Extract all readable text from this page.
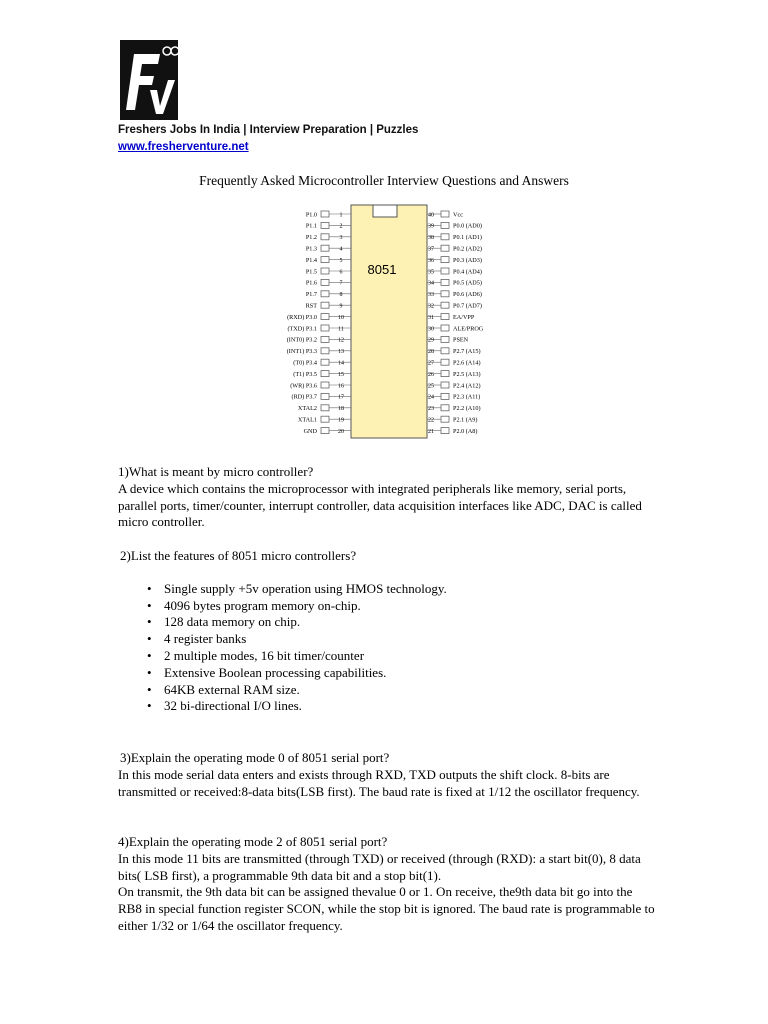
FV
Freshers Jobs In India | Interview Preparation | Puzzles
www.fresherventure.net
Frequently Asked Microcontroller Interview Questions and Answers
8051
P1.0	1
P1.1	2
P1.2	3
P1.3	4
P1.4	5
P1.5	6
P1.6	7
P1.7	8
RST	9
(RXD) P3.0	10
(TXD) P3.1	11
(INT0) P3.2	12
(INT1) P3.3	13
(T0) P3.4	14
(T1) P3.5	15
(WR) P3.6	16
(RD) P3.7	17
XTAL2	18
XTAL1	19
GND	20
40	Vcc
39	P0.0 (AD0)
38	P0.1 (AD1)
37	P0.2 (AD2)
36	P0.3 (AD3)
35	P0.4 (AD4)
34	P0.5 (AD5)
33	P0.6 (AD6)
32	P0.7 (AD7)
31	EA/VPP
30	ALE/PROG
29	PSEN
28	P2.7 (A15)
27	P2.6 (A14)
26	P2.5 (A13)
25	P2.4 (A12)
24	P2.3 (A11)
23	P2.2 (A10)
22	P2.1 (A9)
21	P2.0 (A8)

1)What is meant by micro controller?

A device which contains the microprocessor with integrated peripherals like memory, serial ports, parallel ports, timer/counter, interrupt controller, data acquisition interfaces like ADC, DAC is called micro controller.

2)List the features of 8051 micro controllers?

• Single supply +5v operation using HMOS technology.
• 4096 bytes program memory on-chip.
• 128 data memory on chip.
• 4 register banks
• 2 multiple modes, 16 bit timer/counter
• Extensive Boolean processing capabilities.
• 64KB external RAM size.
• 32 bi-directional I/O lines.

3)Explain the operating mode 0 of 8051 serial port?

In this mode serial data enters and exists through RXD, TXD outputs the shift clock. 8-bits are transmitted or received:8-data bits(LSB first). The baud rate is fixed at 1/12 the oscillator frequency.

4)Explain the operating mode 2 of 8051 serial port?

In this mode 11 bits are transmitted (through TXD) or received (through (RXD): a start bit(0), 8 data bits( LSB first), a programmable 9th data bit and a stop bit(1).

On transmit, the 9th data bit can be assigned thevalue 0 or 1. On receive, the9th data bit go into the RB8 in special function register SCON, while the stop bit is ignored. The baud rate is programmable to either 1/32 or 1/64 the oscillator frequency.
